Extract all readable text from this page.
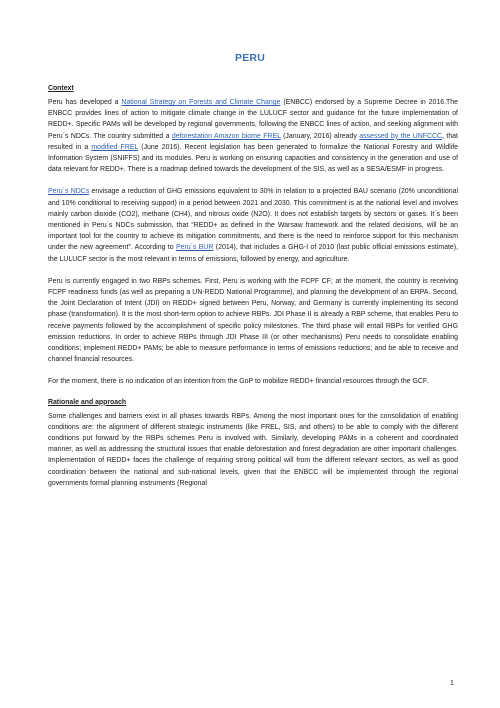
PERU
Context

Peru has developed a National Strategy on Forests and Climate Change (ENBCC) endorsed by a Supreme Decree in 2016.The ENBCC provides lines of action to mitigate climate change in the LULUCF sector and guidance for the future implementation of REDD+. Specific PAMs will be developed by regional governments, following the ENBCC lines of action, and seeking alignment with Peru´s NDCs. The country submitted a deforestation Amazon biome FREL (January, 2016) already assessed by the UNFCCC, that resulted in a modified FREL (June 2016). Recent legislation has been generated to formalize the National Forestry and Wildlife Information System (SNIFFS) and its modules. Peru is working on ensuring capacities and consistency in the generation and use of data relevant for REDD+. There is a roadmap defined towards the development of the SIS, as well as a SESA/ESMF in progress.

Peru´s NDCs envisage a reduction of GHG emissions equivalent to 30% in relation to a projected BAU scenario (20% unconditional and 10% conditional to receiving support) in a period between 2021 and 2030. This commitment is at the national level and involves mainly carbon dioxide (CO2), methane (CH4), and nitrous oxide (N2O). It does not establish targets by sectors or gases. It´s been mentioned in Peru´s NDCs submission, that “REDD+ as defined in the Warsaw framework and the related decisions, will be an important tool for the country to achieve its mitigation commitments, and there is the need to reinforce support for this mechanism under the new agreement”. According to Peru´s BUR (2014), that includes a GHG-I of 2010 (last public official emissions estimate), the LULUCF sector is the most relevant in terms of emissions, followed by energy, and agriculture.

Peru is currently engaged in two RBPs schemes. First, Peru is working with the FCPF CF; at the moment, the country is receiving FCPF readiness funds (as well as preparing a UN-REDD National Programme), and planning the development of an ERPA. Second, the Joint Declaration of Intent (JDI) on REDD+ signed between Peru, Norway, and Germany is currently implementing its second phase (transformation). It is the most short-term option to achieve RBPs. JDI Phase II is already a RBP scheme, that enables Peru to receive payments followed by the accomplishment of specific policy milestones. The third phase will entail RBPs for verified GHG emission reductions. In order to achieve RBPs through JDI Phase III (or other mechanisms) Peru needs to consolidate enabling conditions; implement REDD+ PAMs; be able to measure performance in terms of emissions reductions; and be able to receive and channel financial resources.

For the moment, there is no indication of an intention from the GoP to mobilize REDD+ financial resources through the GCF.

Rationale and approach

Some challenges and barriers exist in all phases towards RBPs. Among the most important ones for the consolidation of enabling conditions are: the alignment of different strategic instruments (like FREL, SIS, and others) to be able to comply with the different conditions put forward by the RBPs schemes Peru is involved with. Similarly, developing PAMs in a coherent and coordinated manner, as well as addressing the structural issues that enable deforestation and forest degradation are other important challenges. Implementation of REDD+ faces the challenge of requiring strong political will from the different relevant sectors, as well as good coordination between the national and sub-national levels, given that the ENBCC will be implemented through the regional governments formal planning instruments (Regional

1
